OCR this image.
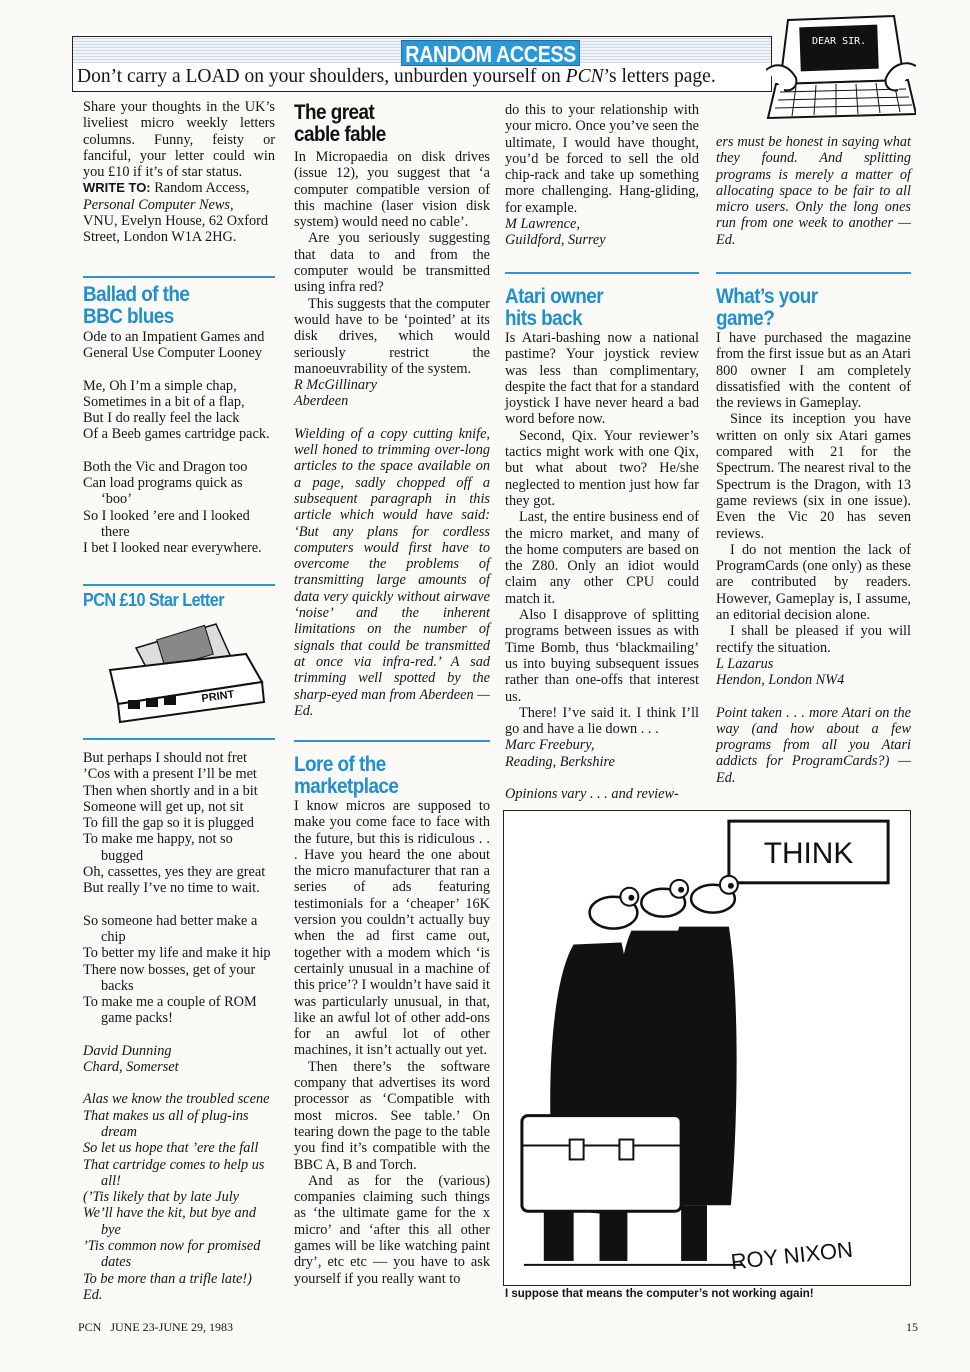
RANDOM ACCESS
Don’t carry a LOAD on your shoulders, unburden yourself on PCN’s letters page.
DEAR SIR.

Share your thoughts in the UK’s liveliest micro weekly letters columns. Funny, feisty or fanciful, your letter could win you £10 if it’s of star status.

WRITE TO: Random Access,
Personal Computer News,
VNU, Evelyn House, 62 Oxford Street, London W1A 2HG.

Ballad of the
BBC blues

Ode to an Impatient Games and General Use Computer Looney

Me, Oh I’m a simple chap,

Sometimes in a bit of a flap,

But I do really feel the lack

Of a Beeb games cartridge pack.

Both the Vic and Dragon too

Can load programs quick as ‘boo’

So I looked ’ere and I looked there

I bet I looked near everywhere.

PCN £10 Star Letter
PRINT

But perhaps I should not fret

’Cos with a present I’ll be met

Then when shortly and in a bit

Someone will get up, not sit

To fill the gap so it is plugged

To make me happy, not so bugged

Oh, cassettes, yes they are great

But really I’ve no time to wait.

So someone had better make a chip

To better my life and make it hip

There now bosses, get of your backs

To make me a couple of ROM game packs!

David Dunning

Chard, Somerset

Alas we know the troubled scene

That makes us all of plug-ins dream

So let us hope that ’ere the fall

That cartridge comes to help us all!

(’Tis likely that by late July

We’ll have the kit, but bye and bye

’Tis common now for promised dates

To be more than a trifle late!)

Ed.

The great
cable fable

In Micropaedia on disk drives (issue 12), you suggest that ‘a computer compatible version of this machine (laser vision disk system) would need no cable’.

Are you seriously suggesting that data to and from the computer would be transmitted using infra red?

This suggests that the computer would have to be ‘pointed’ at its disk drives, which would seriously restrict the manoeuvrability of the system.

R McGillinary

Aberdeen

Wielding of a copy cutting knife, well honed to trimming over-long articles to the space available on a page, sadly chopped off a subsequent paragraph in this article which would have said: ‘But any plans for cordless computers would first have to overcome the problems of transmitting large amounts of data very quickly without airwave ‘noise’ and the inherent limitations on the number of signals that could be transmitted at once via infra-red.’ A sad trimming well spotted by the sharp-eyed man from Aberdeen — Ed.

Lore of the
marketplace

I know micros are supposed to make you come face to face with the future, but this is ridiculous . . . Have you heard the one about the micro manufacturer that ran a series of ads featuring testimonials for a ‘cheaper’ 16K version you couldn’t actually buy when the ad first came out, together with a modem which ‘is certainly unusual in a machine of this price’? I wouldn’t have said it was particularly unusual, in that, like an awful lot of other add-ons for an awful lot of other machines, it isn’t actually out yet.

Then there’s the software company that advertises its word processor as ‘Compatible with most micros. See table.’ On tearing down the page to the table you find it’s compatible with the BBC A, B and Torch.

And as for the (various) companies claiming such things as ‘the ultimate game for the x micro’ and ‘after this all other games will be like watching paint dry’, etc etc — you have to ask yourself if you really want to

do this to your relationship with your micro. Once you’ve seen the ultimate, I would have thought, you’d be forced to sell the old chip-rack and take up something more challenging. Hang-gliding, for example.

M Lawrence,

Guildford, Surrey

Atari owner
hits back

Is Atari-bashing now a national pastime? Your joystick review was less than complimentary, despite the fact that for a standard joystick I have never heard a bad word before now.

Second, Qix. Your reviewer’s tactics might work with one Qix, but what about two? He/she neglected to mention just how far they got.

Last, the entire business end of the micro market, and many of the home computers are based on the Z80. Only an idiot would claim any other CPU could match it.

Also I disapprove of splitting programs between issues as with Time Bomb, thus ‘blackmailing’ us into buying subsequent issues rather than one-offs that interest us.

There! I’ve said it. I think I’ll go and have a lie down . . .

Marc Freebury,

Reading, Berkshire

Opinions vary . . . and review-

ers must be honest in saying what they found. And splitting programs is merely a matter of allocating space to be fair to all micro users. Only the long ones run from one week to another — Ed.
What’s your
game?

I have purchased the magazine from the first issue but as an Atari 800 owner I am completely dissatisfied with the content of the reviews in Gameplay.

Since its inception you have written on only six Atari games compared with 21 for the Spectrum. The nearest rival to the Spectrum is the Dragon, with 13 game reviews (six in one issue). Even the Vic 20 has seven reviews.

I do not mention the lack of ProgramCards (one only) as these are contributed by readers. However, Gameplay is, I assume, an editorial decision alone.

I shall be pleased if you will rectify the situation.

L Lazarus

Hendon, London NW4

Point taken . . . more Atari on the way (and how about a few programs from all you Atari addicts for ProgramCards?) — Ed.

THINK
ROY NIXON
I suppose that means the computer’s not working again!
PCN   JUNE 23-JUNE 29, 1983	15
